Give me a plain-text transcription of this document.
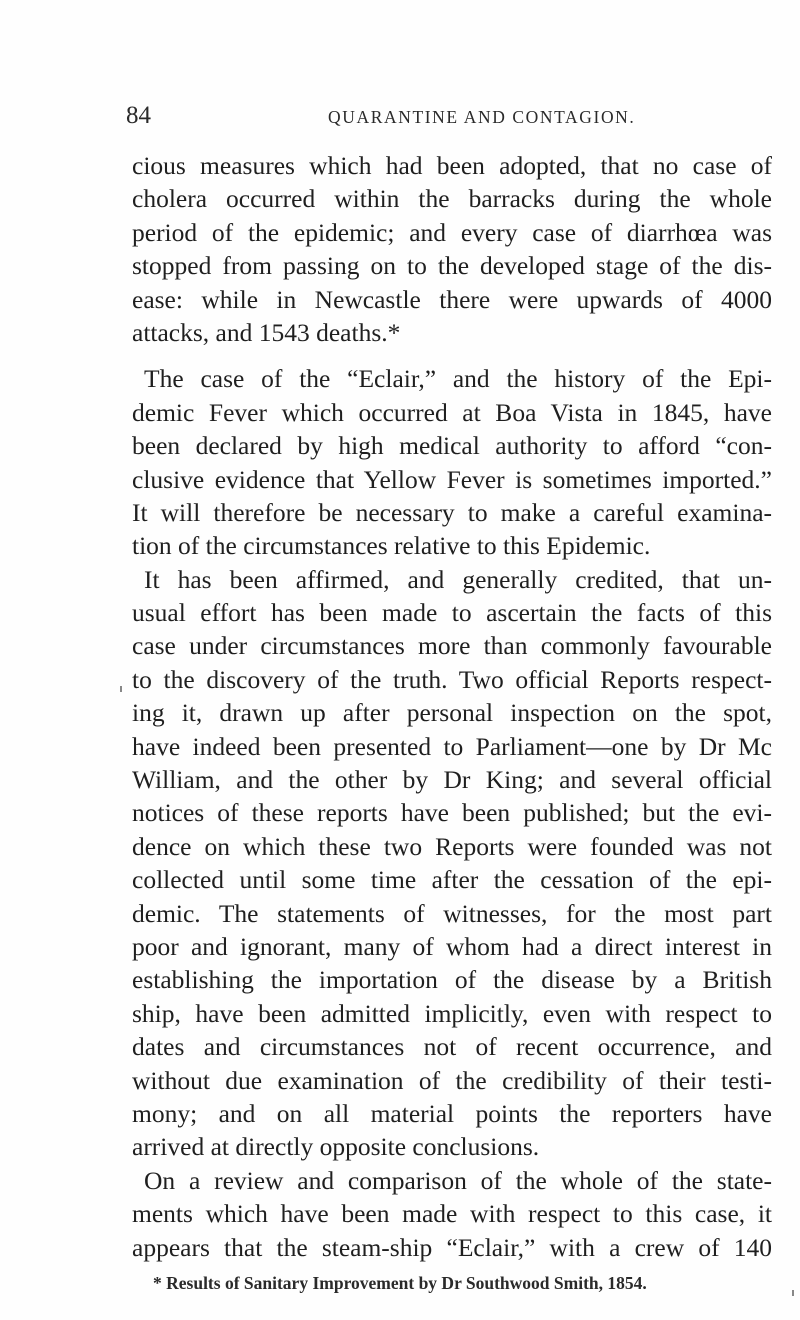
84	QUARANTINE AND CONTAGION.
cious measures which had been adopted, that no case of
cholera occurred within the barracks during the whole
period of the epidemic; and every case of diarrhœa was
stopped from passing on to the developed stage of the dis-
ease: while in Newcastle there were upwards of 4000
attacks, and 1543 deaths.*
The case of the “Eclair,” and the history of the Epi-
demic Fever which occurred at Boa Vista in 1845, have
been declared by high medical authority to afford “con-
clusive evidence that Yellow Fever is sometimes imported.”
It will therefore be necessary to make a careful examina-
tion of the circumstances relative to this Epidemic.
It has been affirmed, and generally credited, that un-
usual effort has been made to ascertain the facts of this
case under circumstances more than commonly favourable
to the discovery of the truth. Two official Reports respect-
ing it, drawn up after personal inspection on the spot,
have indeed been presented to Parliament—one by Dr Mc
William, and the other by Dr King; and several official
notices of these reports have been published; but the evi-
dence on which these two Reports were founded was not
collected until some time after the cessation of the epi-
demic. The statements of witnesses, for the most part
poor and ignorant, many of whom had a direct interest in
establishing the importation of the disease by a British
ship, have been admitted implicitly, even with respect to
dates and circumstances not of recent occurrence, and
without due examination of the credibility of their testi-
mony; and on all material points the reporters have
arrived at directly opposite conclusions.
On a review and comparison of the whole of the state-
ments which have been made with respect to this case, it
appears that the steam-ship “Eclair,” with a crew of 140
* Results of Sanitary Improvement by Dr Southwood Smith, 1854.
